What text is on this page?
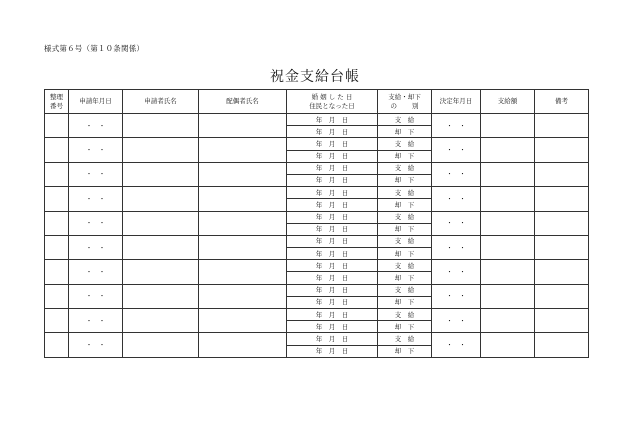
様式第６号（第１０条関係）
祝金支給台帳
整理
番号	申請年月日	申請者氏名	配偶者氏名	婚 姻 し た 日
住民となった日	支給・却下
の　　 別	決定年月日	支給額	備考
	・　・			年　月　日	支　給	・　・		
				年　月　日	却　下			
	・　・			年　月　日	支　給	・　・		
				年　月　日	却　下			
	・　・			年　月　日	支　給	・　・		
				年　月　日	却　下			
	・　・			年　月　日	支　給	・　・		
				年　月　日	却　下			
	・　・			年　月　日	支　給	・　・		
				年　月　日	却　下			
	・　・			年　月　日	支　給	・　・		
				年　月　日	却　下			
	・　・			年　月　日	支　給	・　・		
				年　月　日	却　下			
	・　・			年　月　日	支　給	・　・		
				年　月　日	却　下			
	・　・			年　月　日	支　給	・　・		
				年　月　日	却　下			
	・　・			年　月　日	支　給	・　・		
				年　月　日	却　下			
